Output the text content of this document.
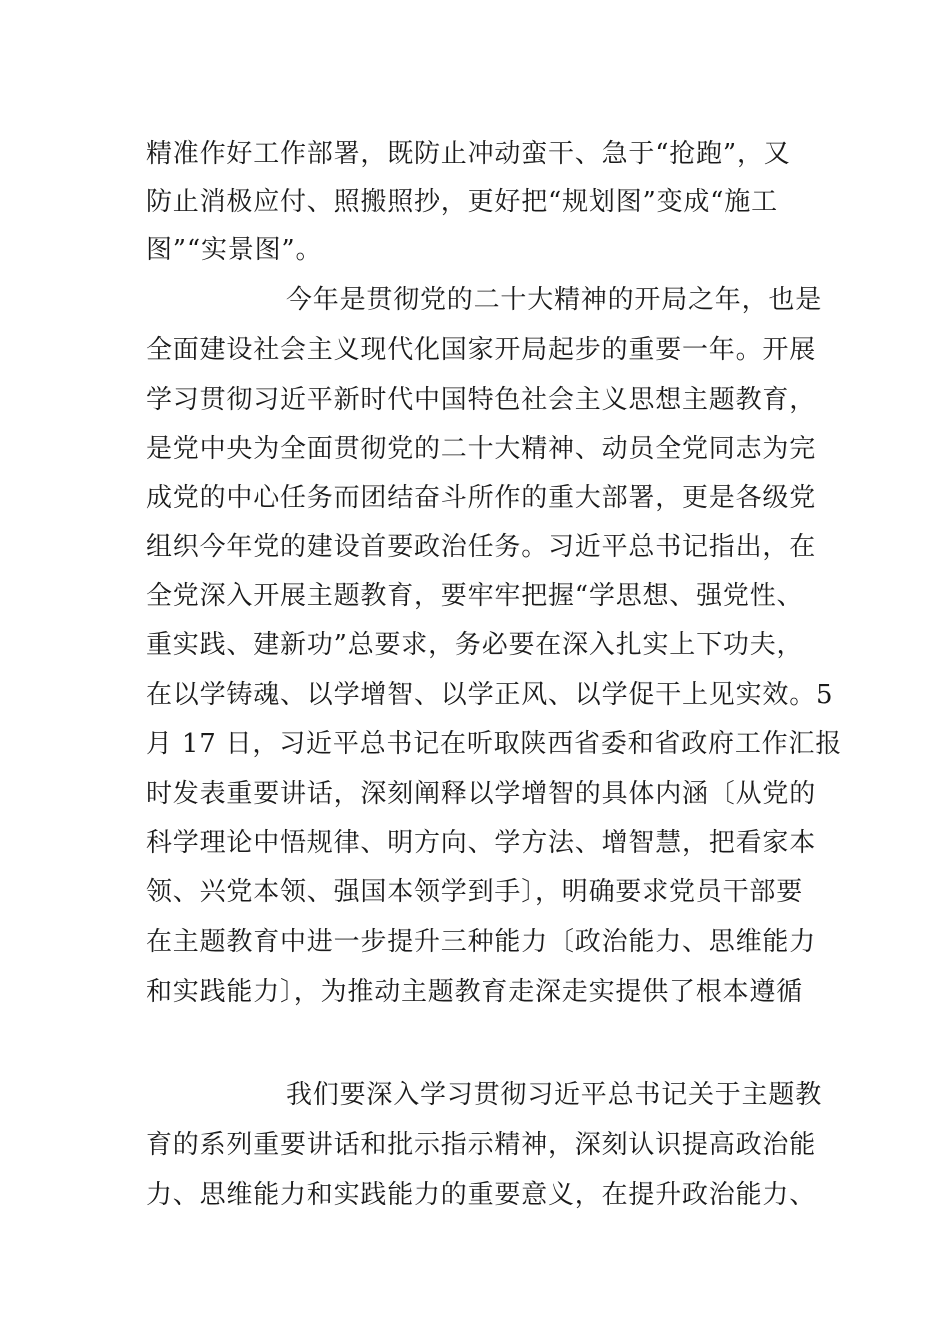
精准作好工作部署，既防止冲动蛮干、急于“抢跑”，又
防止消极应付、照搬照抄，更好把“规划图”变成“施工
图”“实景图”。
今年是贯彻党的二十大精神的开局之年，也是
全面建设社会主义现代化国家开局起步的重要一年。开展
学习贯彻习近平新时代中国特色社会主义思想主题教育，
是党中央为全面贯彻党的二十大精神、动员全党同志为完
成党的中心任务而团结奋斗所作的重大部署，更是各级党
组织今年党的建设首要政治任务。习近平总书记指出，在
全党深入开展主题教育，要牢牢把握“学思想、强党性、
重实践、建新功”总要求，务必要在深入扎实上下功夫，
在以学铸魂、以学增智、以学正风、以学促干上见实效。5
月 17 日，习近平总书记在听取陕西省委和省政府工作汇报
时发表重要讲话，深刻阐释以学增智的具体内涵〔从党的
科学理论中悟规律、明方向、学方法、增智慧，把看家本
领、兴党本领、强国本领学到手〕，明确要求党员干部要
在主题教育中进一步提升三种能力〔政治能力、思维能力
和实践能力〕，为推动主题教育走深走实提供了根本遵循
我们要深入学习贯彻习近平总书记关于主题教
育的系列重要讲话和批示指示精神，深刻认识提高政治能
力、思维能力和实践能力的重要意义，在提升政治能力、
